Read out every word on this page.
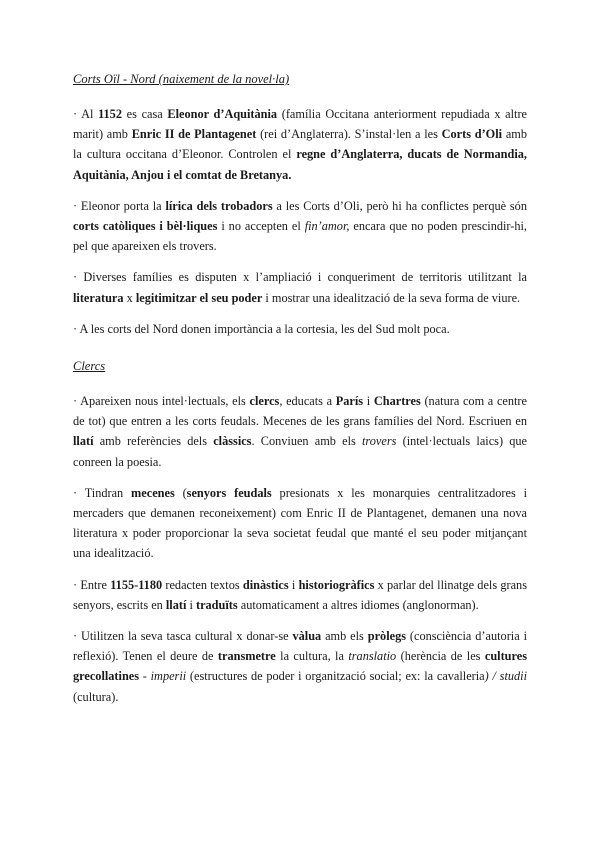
Corts Oïl - Nord (naixement de la novel·la)

· Al 1152 es casa Eleonor d’Aquitània (família Occitana anteriorment repudiada x altre marit) amb Enric II de Plantagenet (rei d’Anglaterra). S’instal·len a les Corts d’Oli amb la cultura occitana d’Eleonor. Controlen el regne d’Anglaterra, ducats de Normandia, Aquitània, Anjou i el comtat de Bretanya.

· Eleonor porta la lírica dels trobadors a les Corts d’Oli, però hi ha conflictes perquè són corts catòliques i bèl·liques i no accepten el fin’amor, encara que no poden prescindir-hi, pel que apareixen els trovers.

· Diverses famílies es disputen x l’ampliació i conqueriment de territoris utilitzant la literatura x legitimitzar el seu poder i mostrar una idealització de la seva forma de viure.

· A les corts del Nord donen importància a la cortesia, les del Sud molt poca.

Clercs

· Apareixen nous intel·lectuals, els clercs, educats a París i Chartres (natura com a centre de tot) que entren a les corts feudals. Mecenes de les grans famílies del Nord. Escriuen en llatí amb referències dels clàssics. Conviuen amb els trovers (intel·lectuals laics) que conreen la poesia.

· Tindran mecenes (senyors feudals presionats x les monarquies centralitzadores i mercaders que demanen reconeixement) com Enric II de Plantagenet, demanen una nova literatura x poder proporcionar la seva societat feudal que manté el seu poder mitjançant una idealització.

· Entre 1155-1180 redacten textos dinàstics i historiogràfics x parlar del llinatge dels grans senyors, escrits en llatí i traduïts automaticament a altres idiomes (anglonorman).

· Utilitzen la seva tasca cultural x donar-se vàlua amb els pròlegs (consciència d’autoria i reflexió). Tenen el deure de transmetre la cultura, la translatio (herència de les cultures grecollatines - imperii (estructures de poder i organització social; ex: la cavalleria) / studii (cultura).
